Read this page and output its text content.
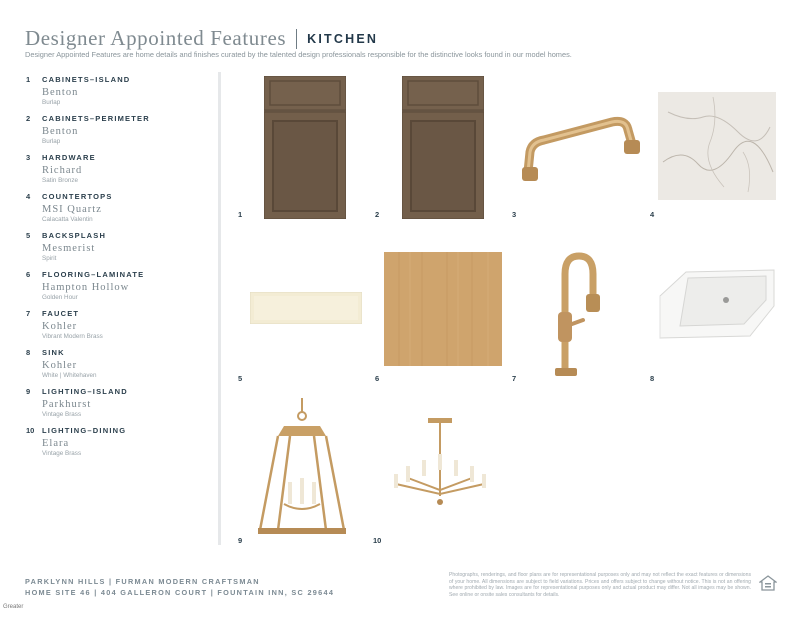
Designer Appointed Features KITCHEN
Designer Appointed Features are home details and finishes curated by the talented design professionals responsible for the distinctive looks found in our model homes.
1	CABINETS–ISLAND
Benton
Burlap
2	CABINETS–PERIMETER
Benton
Burlap
3	HARDWARE
Richard
Satin Bronze
4	COUNTERTOPS
MSI Quartz
Calacatta Valentin
5	BACKSPLASH
Mesmerist
Spirit
6	FLOORING–LAMINATE
Hampton Hollow
Golden Hour
7	FAUCET
Kohler
Vibrant Modern Brass
8	SINK
Kohler
White | Whitehaven
9	LIGHTING–ISLAND
Parkhurst
Vintage Brass
10	LIGHTING–DINING
Elara
Vintage Brass
1	2	3	4
5	6	7	8
9	10
PARKLYNN HILLS | FURMAN MODERN CRAFTSMAN
HOME SITE 46 | 404 GALLERON COURT | FOUNTAIN INN, SC 29644
Photographs, renderings, and floor plans are for representational purposes only and may not reflect the exact features or dimensions of your home. All dimensions are subject to field variations. Prices and offers subject to change without notice. This is not an offering where prohibited by law. Images are for representational purposes only and actual product may differ. Not all images may be shown. See online or onsite sales consultants for details.
Greater
